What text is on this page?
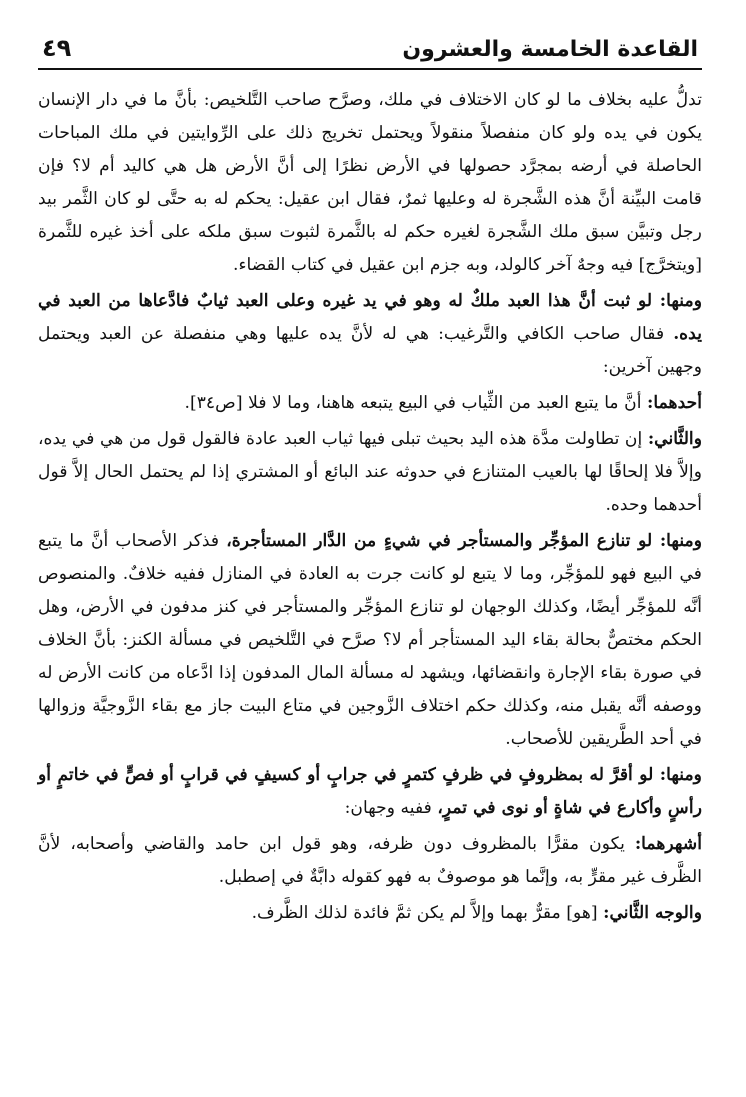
القاعدة الخامسة والعشرون
٤٩

تدلُّ عليه بخلاف ما لو كان الاختلاف في ملك، وصرَّح صاحب التَّلخيص: بأنَّ ما في دار الإنسان يكون في يده ولو كان منفصلاً منقولاً ويحتمل تخريج ذلك على الرِّوايتين في ملك المباحات الحاصلة في أرضه بمجرَّد حصولها في الأرض نظرًا إلى أنَّ الأرض هل هي كاليد أم لا؟ فإن قامت البيِّنة أنَّ هذه الشَّجرة له وعليها ثمرٌ، فقال ابن عقيل: يحكم له به حتَّى لو كان الثَّمر بيد رجل وتبيَّن سبق ملك الشَّجرة لغيره حكم له بالثَّمرة لثبوت سبق ملكه على أخذ غيره للثَّمرة [ويتخرَّج] فيه وجهٌ آخر كالولد، وبه جزم ابن عقيل في كتاب القضاء.

ومنها: لو ثبت أنَّ هذا العبد ملكٌ له وهو في يد غيره وعلى العبد ثيابٌ فادَّعاها من العبد في يده. فقال صاحب الكافي والتَّرغيب: هي له لأنَّ يده عليها وهي منفصلة عن العبد ويحتمل وجهين آخرين:

أحدهما: أنَّ ما يتبع العبد من الثِّياب في البيع يتبعه هاهنا، وما لا فلا [ص٣٤].

والثَّاني: إن تطاولت مدَّة هذه اليد بحيث تبلى فيها ثياب العبد عادة فالقول قول من هي في يده، وإلاَّ فلا إلحاقًا لها بالعيب المتنازع في حدوثه عند البائع أو المشتري إذا لم يحتمل الحال إلاَّ قول أحدهما وحده.

ومنها: لو تنازع المؤجِّر والمستأجر في شيءٍ من الدَّار المستأجرة، فذكر الأصحاب أنَّ ما يتبع في البيع فهو للمؤجِّر، وما لا يتبع لو كانت جرت به العادة في المنازل ففيه خلافٌ. والمنصوص أنَّه للمؤجِّر أيضًا، وكذلك الوجهان لو تنازع المؤجِّر والمستأجر في كنز مدفون في الأرض، وهل الحكم مختصٌّ بحالة بقاء اليد المستأجر أم لا؟ صرَّح في التَّلخيص في مسألة الكنز: بأنَّ الخلاف في صورة بقاء الإجارة وانقضائها، ويشهد له مسألة المال المدفون إذا ادَّعاه من كانت الأرض له ووصفه أنَّه يقبل منه، وكذلك حكم اختلاف الزَّوجين في متاع البيت جاز مع بقاء الزَّوجيَّة وزوالها في أحد الطَّريقين للأصحاب.

ومنها: لو أقرَّ له بمظروفٍ في ظرفٍ كتمرٍ في جرابٍ أو كسيفٍ في قرابٍ أو فصٍّ في خاتمٍ أو رأسٍ وأكارع في شاةٍ أو نوى في تمرٍ، ففيه وجهان:

أشهرهما: يكون مقرًّا بالمظروف دون ظرفه، وهو قول ابن حامد والقاضي وأصحابه، لأنَّ الظَّرف غير مقرٍّ به، وإنَّما هو موصوفٌ به فهو كقوله دابَّةٌ في إصطبل.

والوجه الثَّاني: [هو] مقرٌّ بهما وإلاَّ لم يكن ثمَّ فائدة لذلك الظَّرف.
